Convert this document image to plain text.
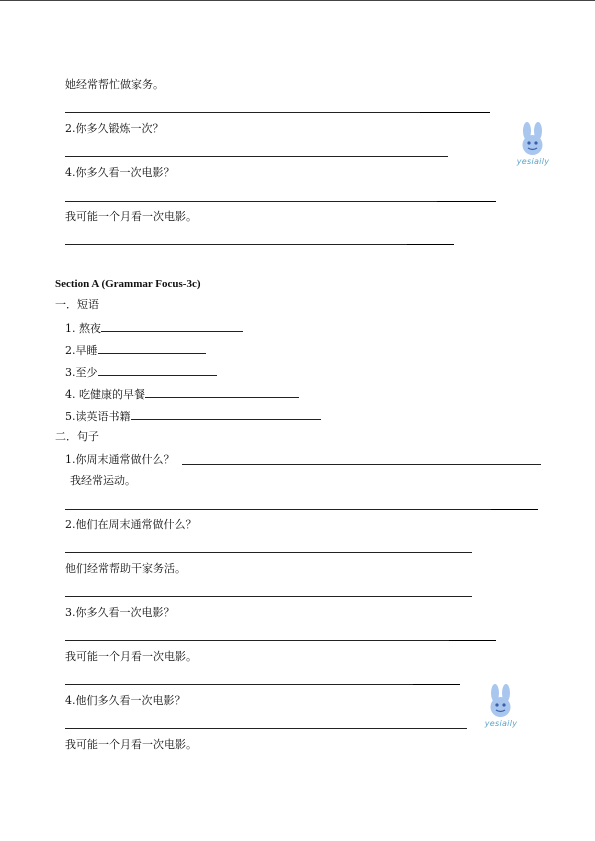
她经常帮忙做家务。
2.你多久锻炼一次？
yesiaily
4.你多久看一次电影？
我可能一个月看一次电影。
Section A (Grammar Focus-3c)
一．短语
1. 熬夜
2.早睡
3.至少
4. 吃健康的早餐
5.读英语书籍
二．句子
1.你周末通常做什么？
我经常运动。
2.他们在周末通常做什么？
他们经常帮助干家务活。
3.你多久看一次电影？
我可能一个月看一次电影。
4.他们多久看一次电影？
yesiaily
我可能一个月看一次电影。
